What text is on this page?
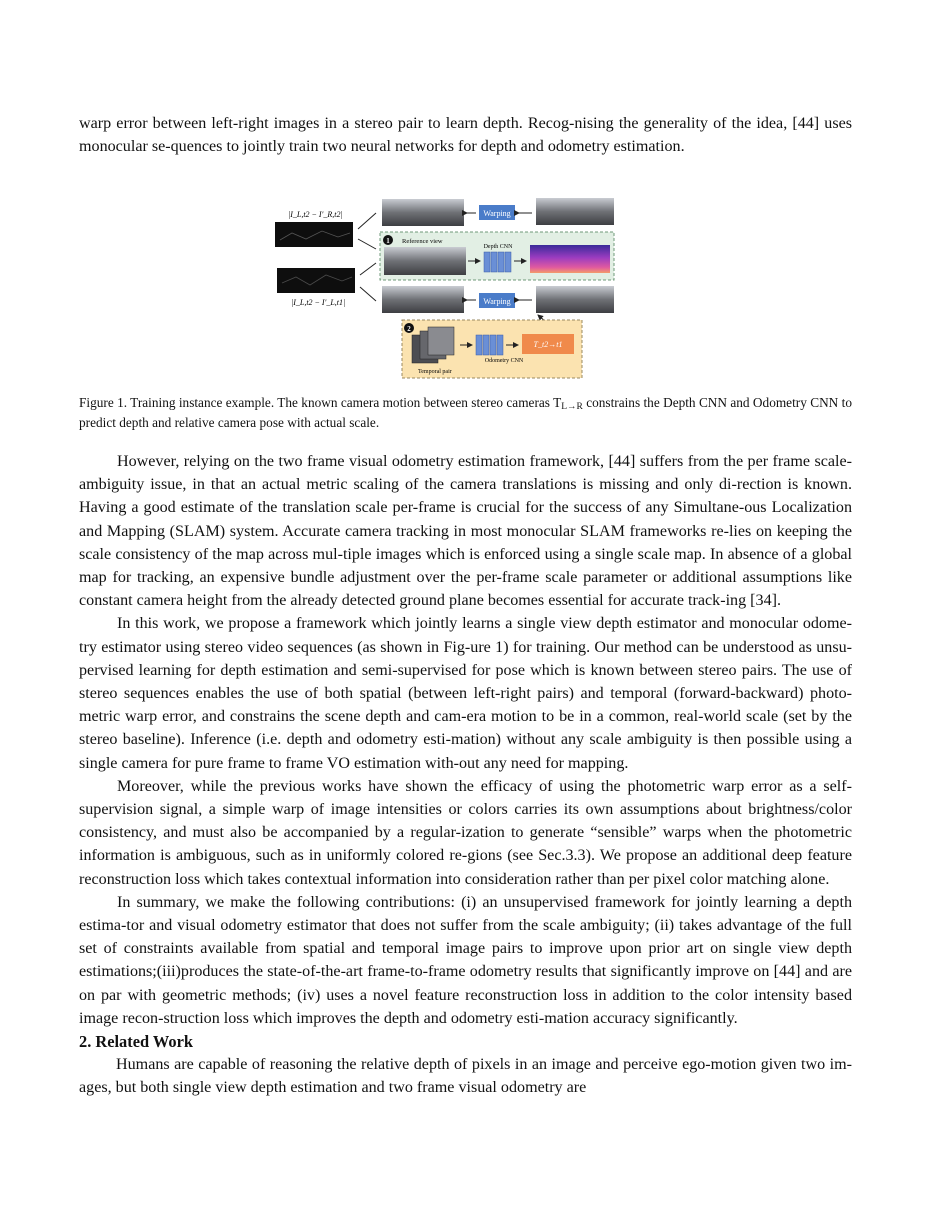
warp error between left-right images in a stereo pair to learn depth. Recog-nising the generality of the idea, [44] uses monocular se-quences to jointly train two neural networks for depth and odometry estimation.

|I_L,t2 − I′_R,t2|
|I_L,t2 − I′_L,t1|
Warping
1 Reference view
Depth CNN
Warping
2
Temporal pair
Odometry CNN
T_t2→t1
Figure 1. Training instance example. The known camera motion between stereo cameras TL→R constrains the Depth CNN and Odometry CNN to predict depth and relative camera pose with actual scale.

However, relying on the two frame visual odometry estimation framework, [44] suffers from the per frame scale-ambiguity issue, in that an actual metric scaling of the camera translations is missing and only di-rection is known. Having a good estimate of the translation scale per-frame is crucial for the success of any Simultane-ous Localization and Mapping (SLAM) system. Accurate camera tracking in most monocular SLAM frameworks re-lies on keeping the scale consistency of the map across mul-tiple images which is enforced using a single scale map. In absence of a global map for tracking, an expensive bundle adjustment over the per-frame scale parameter or additional assumptions like constant camera height from the already detected ground plane becomes essential for accurate track-ing [34].

In this work, we propose a framework which jointly learns a single view depth estimator and monocular odome-try estimator using stereo video sequences (as shown in Fig-ure 1) for training. Our method can be understood as unsu-pervised learning for depth estimation and semi-supervised for pose which is known between stereo pairs. The use of stereo sequences enables the use of both spatial (between left-right pairs) and temporal (forward-backward) photo-metric warp error, and constrains the scene depth and cam-era motion to be in a common, real-world scale (set by the stereo baseline). Inference (i.e. depth and odometry esti-mation) without any scale ambiguity is then possible using a single camera for pure frame to frame VO estimation with-out any need for mapping.

Moreover, while the previous works have shown the efficacy of using the photometric warp error as a self-supervision signal, a simple warp of image intensities or colors carries its own assumptions about brightness/color consistency, and must also be accompanied by a regular-ization to generate “sensible” warps when the photometric information is ambiguous, such as in uniformly colored re-gions (see Sec.3.3). We propose an additional deep feature reconstruction loss which takes contextual information into consideration rather than per pixel color matching alone.

In summary, we make the following contributions: (i) an unsupervised framework for jointly learning a depth estima-tor and visual odometry estimator that does not suffer from the scale ambiguity; (ii) takes advantage of the full set of constraints available from spatial and temporal image pairs to improve upon prior art on single view depth estimations;(iii)produces the state-of-the-art frame-to-frame odometry results that significantly improve on [44] and are on par with geometric methods; (iv) uses a novel feature reconstruction loss in addition to the color intensity based image recon-struction loss which improves the depth and odometry esti-mation accuracy significantly.

2. Related Work

Humans are capable of reasoning the relative depth of pixels in an image and perceive ego-motion given two im-ages, but both single view depth estimation and two frame visual odometry are
